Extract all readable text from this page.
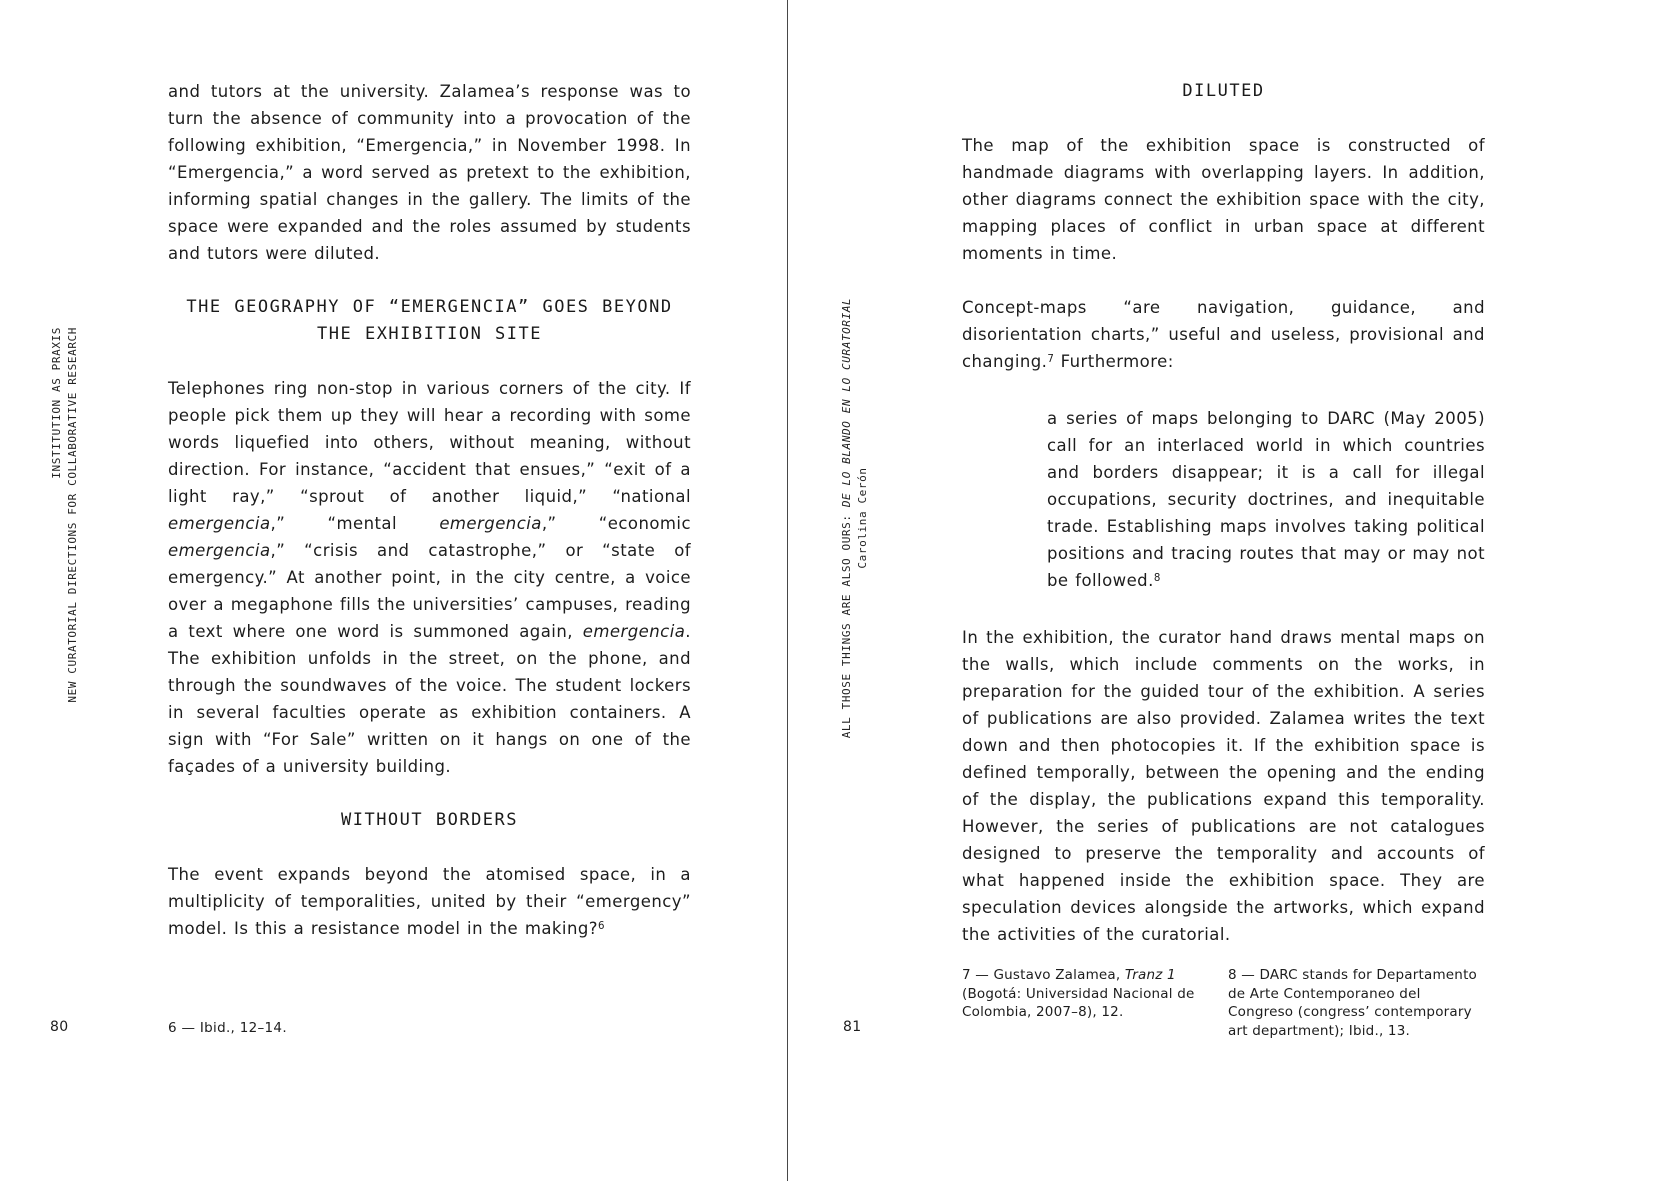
INSTITUTION AS PRAXIS NEW CURATORIAL DIRECTIONS FOR COLLABORATIVE RESEARCH

and tutors at the university. Zalamea’s response was to turn the absence of community into a provocation of the following exhibition, “Emergencia,” in November 1998. In “Emergencia,” a word served as pretext to the exhibition, informing spatial changes in the gallery. The limits of the space were expanded and the roles assumed by students and tutors were diluted.

THE GEOGRAPHY OF “EMERGENCIA” GOES BEYOND
THE EXHIBITION SITE

Telephones ring non-stop in various corners of the city. If people pick them up they will hear a recording with some words liquefied into others, without meaning, without direction. For instance, “accident that ensues,” “exit of a light ray,” “sprout of another liquid,” “national emergencia,” “mental emergencia,” “economic emergencia,” “crisis and catastrophe,” or “state of emergency.” At another point, in the city centre, a voice over a megaphone fills the universities’ campuses, reading a text where one word is summoned again, emergencia. The exhibition unfolds in the street, on the phone, and through the soundwaves of the voice. The student lockers in several faculties operate as exhibition containers. A sign with “For Sale” written on it hangs on one of the façades of a university building.

WITHOUT BORDERS

The event expands beyond the atomised space, in a multiplicity of temporalities, united by their “emergency” model. Is this a resistance model in the making?$^6$

80	6 — Ibid., 12–14.
ALL THOSE THINGS ARE ALSO OURS: DE LO BLANDO EN LO CURATORIAL
Carolina Cerón
DILUTED

The map of the exhibition space is constructed of handmade diagrams with overlapping layers. In addition, other diagrams connect the exhibition space with the city, mapping places of conflict in urban space at different moments in time.

Concept-maps “are navigation, guidance, and disorientation charts,” useful and useless, provisional and changing.$^7$ Furthermore:

a series of maps belonging to DARC (May 2005) call for an interlaced world in which countries and borders disappear; it is a call for illegal occupations, security doctrines, and inequitable trade. Establishing maps involves taking political positions and tracing routes that may or may not be followed.$^8$

In the exhibition, the curator hand draws mental maps on the walls, which include comments on the works, in preparation for the guided tour of the exhibition. A series of publications are also provided. Zalamea writes the text down and then photocopies it. If the exhibition space is defined temporally, between the opening and the ending of the display, the publications expand this temporality. However, the series of publications are not catalogues designed to preserve the temporality and accounts of what happened inside the exhibition space. They are speculation devices alongside the artworks, which expand the activities of the curatorial.

81
7 — Gustavo Zalamea, Tranz 1 (Bogotá: Universidad Nacional de Colombia, 2007–8), 12.
8 — DARC stands for Departamento de Arte Contemporaneo del Congreso (congress’ contemporary art department); Ibid., 13.
